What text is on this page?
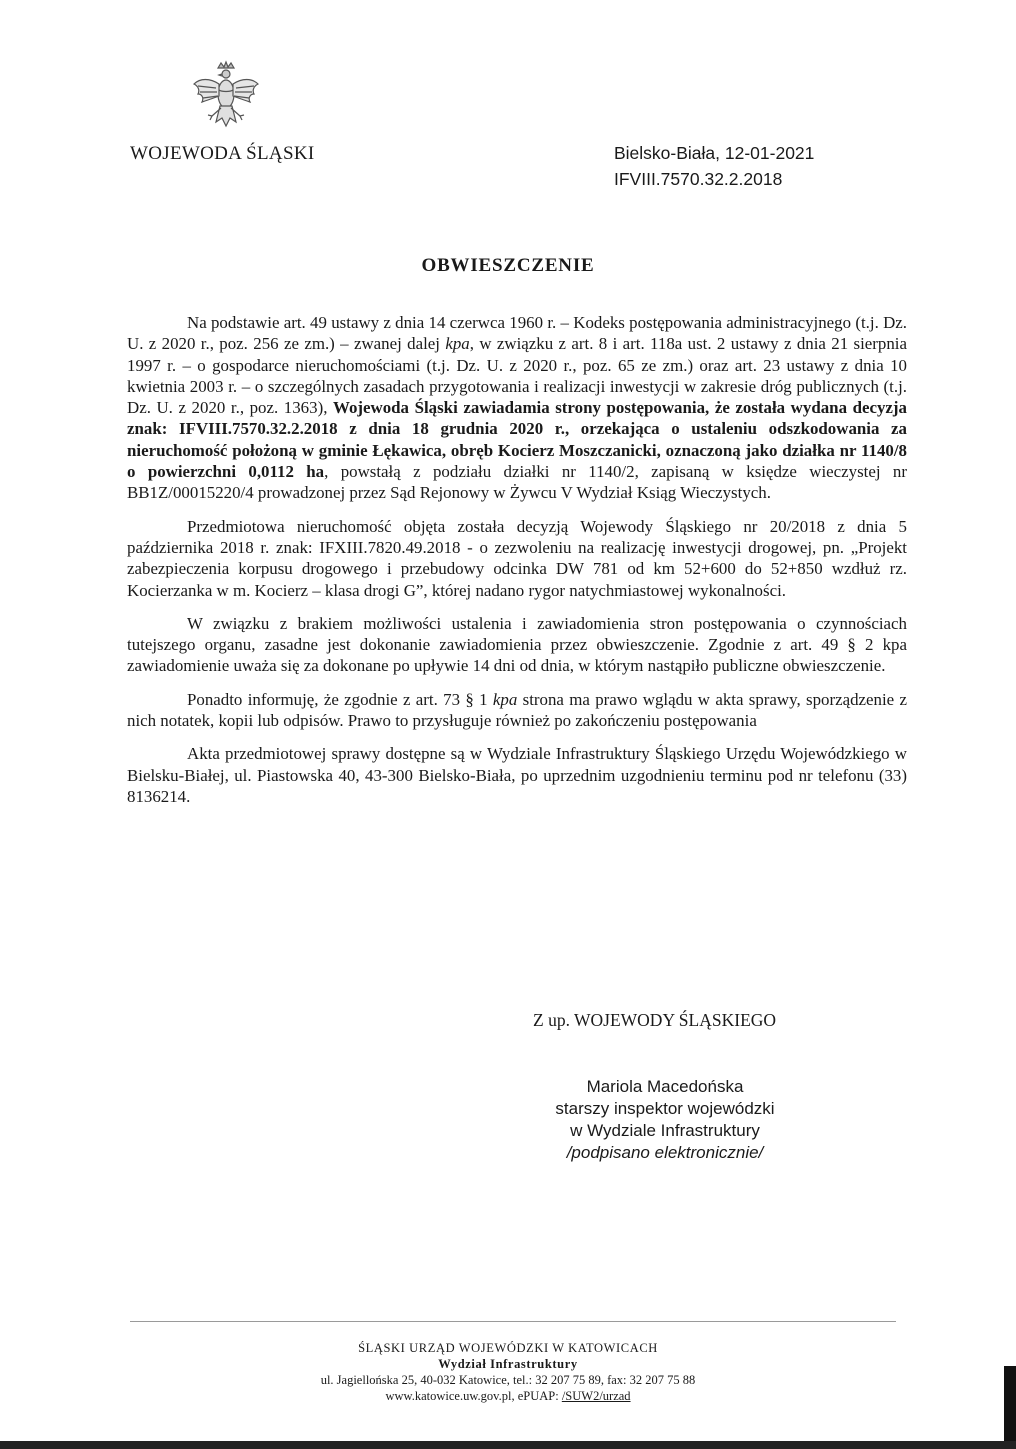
WOJEWODA ŚLĄSKI	Bielsko-Biała, 12-01-2021
IFVIII.7570.32.2.2018
OBWIESZCZENIE

Na podstawie art. 49 ustawy z dnia 14 czerwca 1960 r. – Kodeks postępowania administracyjnego (t.j. Dz. U. z 2020 r., poz. 256 ze zm.) – zwanej dalej kpa, w związku z art. 8 i art. 118a ust. 2 ustawy z dnia 21 sierpnia 1997 r. – o gospodarce nieruchomościami (t.j. Dz. U. z 2020 r., poz. 65 ze zm.) oraz art. 23 ustawy z dnia 10 kwietnia 2003 r. – o szczególnych zasadach przygotowania i realizacji inwestycji w zakresie dróg publicznych (t.j. Dz. U. z 2020 r., poz. 1363), Wojewoda Śląski zawiadamia strony postępowania, że została wydana decyzja znak: IFVIII.7570.32.2.2018 z dnia 18 grudnia 2020 r., orzekająca o ustaleniu odszkodowania za nieruchomość położoną w gminie Łękawica, obręb Kocierz Moszczanicki, oznaczoną jako działka nr 1140/8 o powierzchni 0,0112 ha, powstałą z podziału działki nr 1140/2, zapisaną w księdze wieczystej nr BB1Z/00015220/4 prowadzonej przez Sąd Rejonowy w Żywcu V Wydział Ksiąg Wieczystych.

Przedmiotowa nieruchomość objęta została decyzją Wojewody Śląskiego nr 20/2018 z dnia 5 października 2018 r. znak: IFXIII.7820.49.2018 - o zezwoleniu na realizację inwestycji drogowej, pn. „Projekt zabezpieczenia korpusu drogowego i przebudowy odcinka DW 781 od km 52+600 do 52+850 wzdłuż rz. Kocierzanka w m. Kocierz – klasa drogi G”, której nadano rygor natychmiastowej wykonalności.

W związku z brakiem możliwości ustalenia i zawiadomienia stron postępowania o czynnościach tutejszego organu, zasadne jest dokonanie zawiadomienia przez obwieszczenie. Zgodnie z art. 49 § 2 kpa zawiadomienie uważa się za dokonane po upływie 14 dni od dnia, w którym nastąpiło publiczne obwieszczenie.

Ponadto informuję, że zgodnie z art. 73 § 1 kpa strona ma prawo wglądu w akta sprawy, sporządzenie z nich notatek, kopii lub odpisów. Prawo to przysługuje również po zakończeniu postępowania

Akta przedmiotowej sprawy dostępne są w Wydziale Infrastruktury Śląskiego Urzędu Wojewódzkiego w Bielsku-Białej, ul. Piastowska 40, 43-300 Bielsko-Biała, po uprzednim uzgodnieniu terminu pod nr telefonu (33) 8136214.

Z up. WOJEWODY ŚLĄSKIEGO
Mariola Macedońska
starszy inspektor wojewódzki
w Wydziale Infrastruktury
/podpisano elektronicznie/
ŚLĄSKI URZĄD WOJEWÓDZKI W KATOWICACH
Wydział Infrastruktury
ul. Jagiellońska 25, 40-032 Katowice, tel.: 32 207 75 89, fax: 32 207 75 88
www.katowice.uw.gov.pl, ePUAP: /SUW2/urzad
